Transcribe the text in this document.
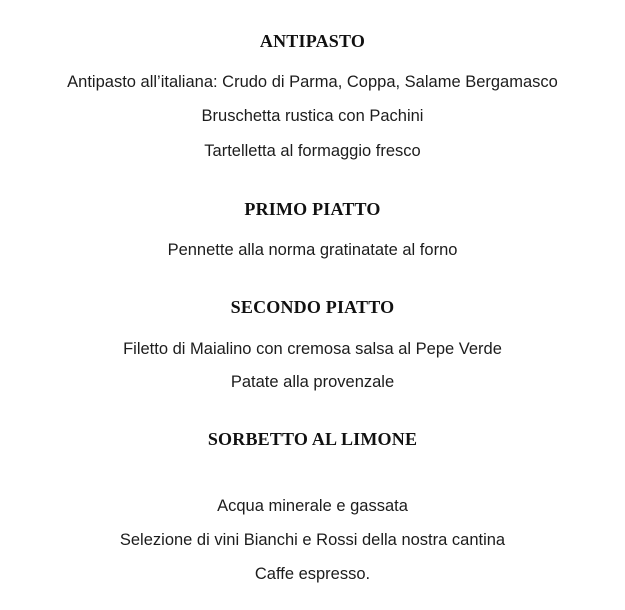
ANTIPASTO
Antipasto all’italiana: Crudo di Parma, Coppa, Salame Bergamasco
Bruschetta rustica con Pachini
Tartelletta al formaggio fresco
PRIMO PIATTO
Pennette alla norma gratinatate al forno
SECONDO PIATTO
Filetto di Maialino con cremosa salsa al Pepe Verde
Patate alla provenzale
SORBETTO AL LIMONE
Acqua minerale e gassata
Selezione di vini Bianchi e Rossi della nostra cantina
Caffe espresso.
